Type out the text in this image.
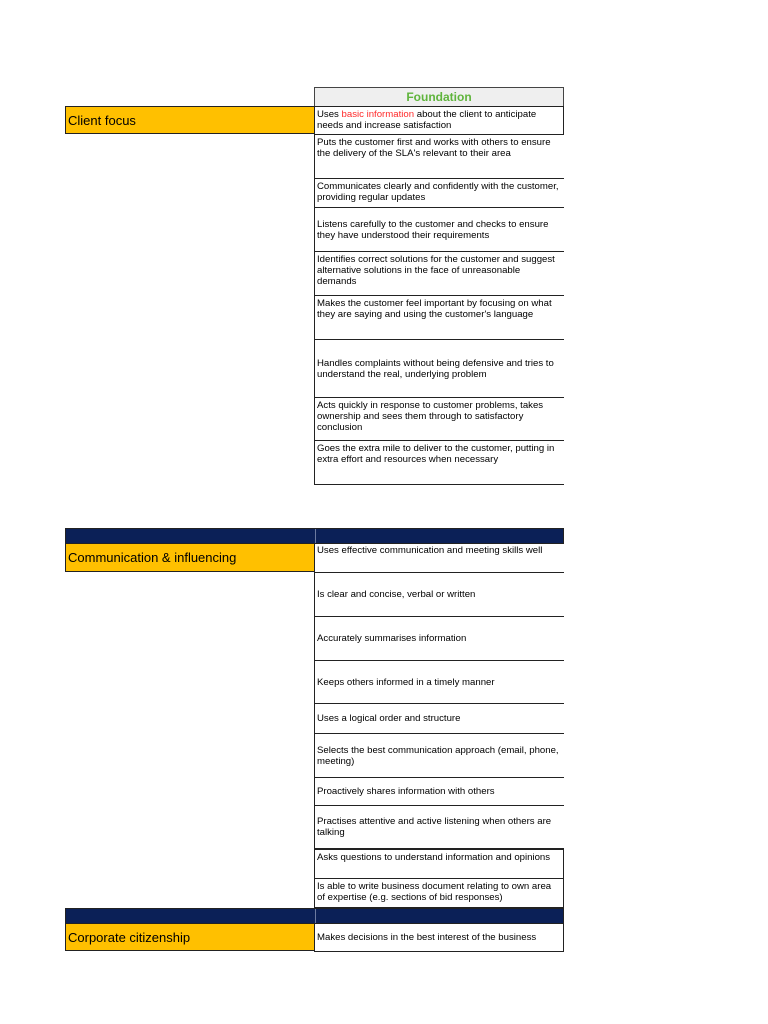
Foundation
Client focus	Uses basic information about the client to anticipate needs and increase satisfaction
Puts the customer first and works with others to ensure the delivery of the SLA's relevant to their area
Communicates clearly and confidently with the customer, providing regular updates
Listens carefully to the customer and checks to ensure they have understood their requirements
Identifies correct solutions for the customer and suggest alternative solutions in the face of unreasonable demands
Makes the customer feel important by focusing on what they are saying and using the customer's language
Handles complaints without being defensive and tries to understand the real, underlying problem
Acts quickly in response to customer problems, takes ownership and sees them through to satisfactory conclusion
Goes the extra mile to deliver to the customer, putting in extra effort and resources when necessary
Communication & influencing	Uses effective communication and meeting skills well
Is clear and concise, verbal or written
Accurately summarises information
Keeps others informed in a timely manner
Uses a logical order and structure
Selects the best communication approach (email, phone, meeting)
Proactively shares information with others
Practises attentive and active listening when others are talking
Asks questions to understand information and opinions
Is able to write business document relating to own area of expertise (e.g. sections of bid responses)
Corporate citizenship	Makes decisions in the best interest of the business
